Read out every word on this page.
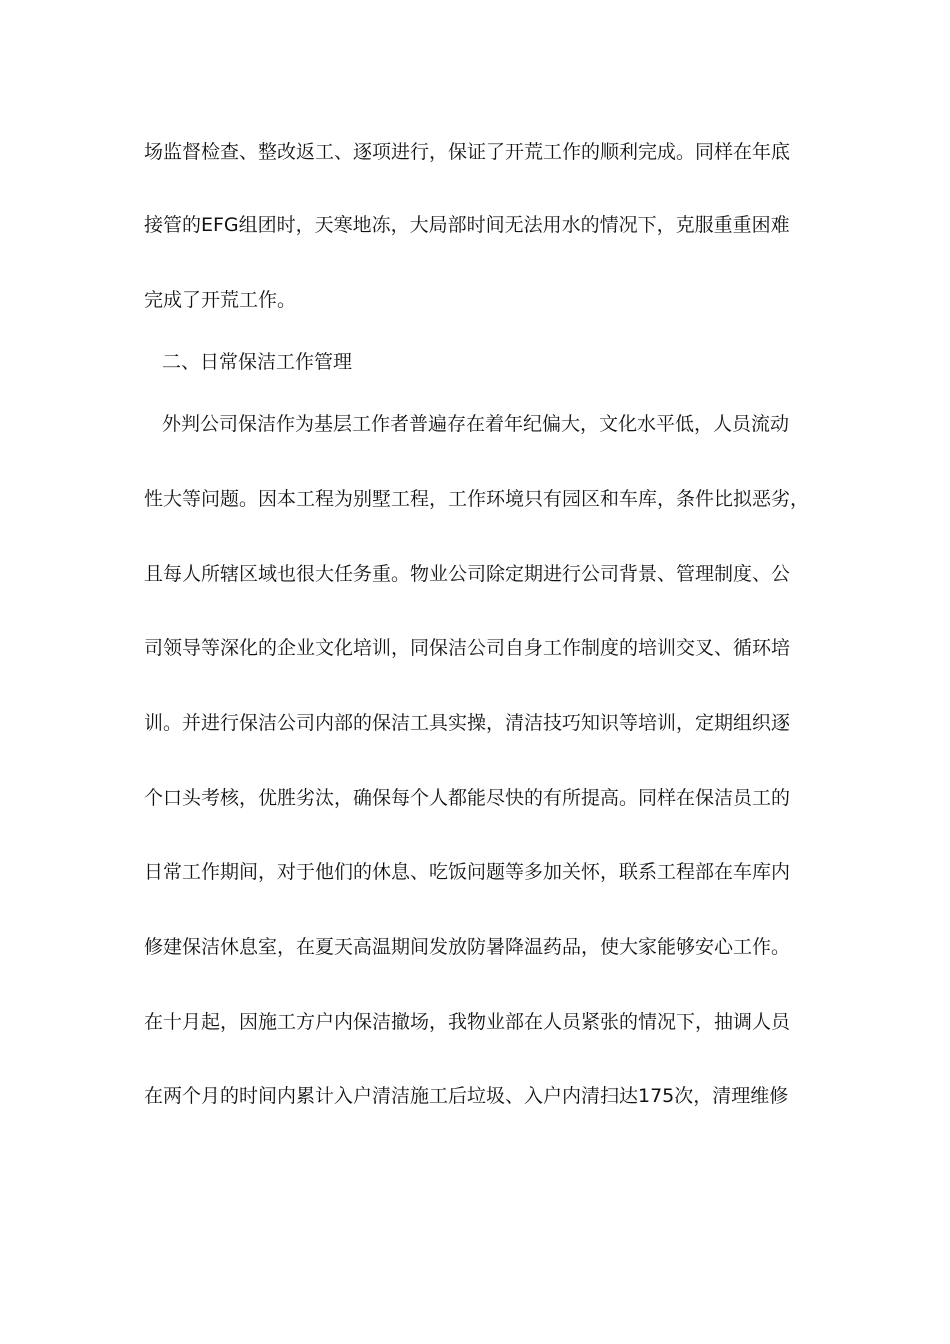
场监督检查、整改返工、逐项进行，保证了开荒工作的顺利完成。同样在年底
接管的EFG组团时，天寒地冻，大局部时间无法用水的情况下，克服重重困难
完成了开荒工作。
二、日常保洁工作管理
外判公司保洁作为基层工作者普遍存在着年纪偏大，文化水平低，人员流动
性大等问题。因本工程为别墅工程，工作环境只有园区和车库，条件比拟恶劣，
且每人所辖区域也很大任务重。物业公司除定期进行公司背景、管理制度、公
司领导等深化的企业文化培训，同保洁公司自身工作制度的培训交叉、循环培
训。并进行保洁公司内部的保洁工具实操，清洁技巧知识等培训，定期组织逐
个口头考核，优胜劣汰，确保每个人都能尽快的有所提高。同样在保洁员工的
日常工作期间，对于他们的休息、吃饭问题等多加关怀，联系工程部在车库内
修建保洁休息室，在夏天高温期间发放防暑降温药品，使大家能够安心工作。
在十月起，因施工方户内保洁撤场，我物业部在人员紧张的情况下，抽调人员
在两个月的时间内累计入户清洁施工后垃圾、入户内清扫达175次，清理维修
